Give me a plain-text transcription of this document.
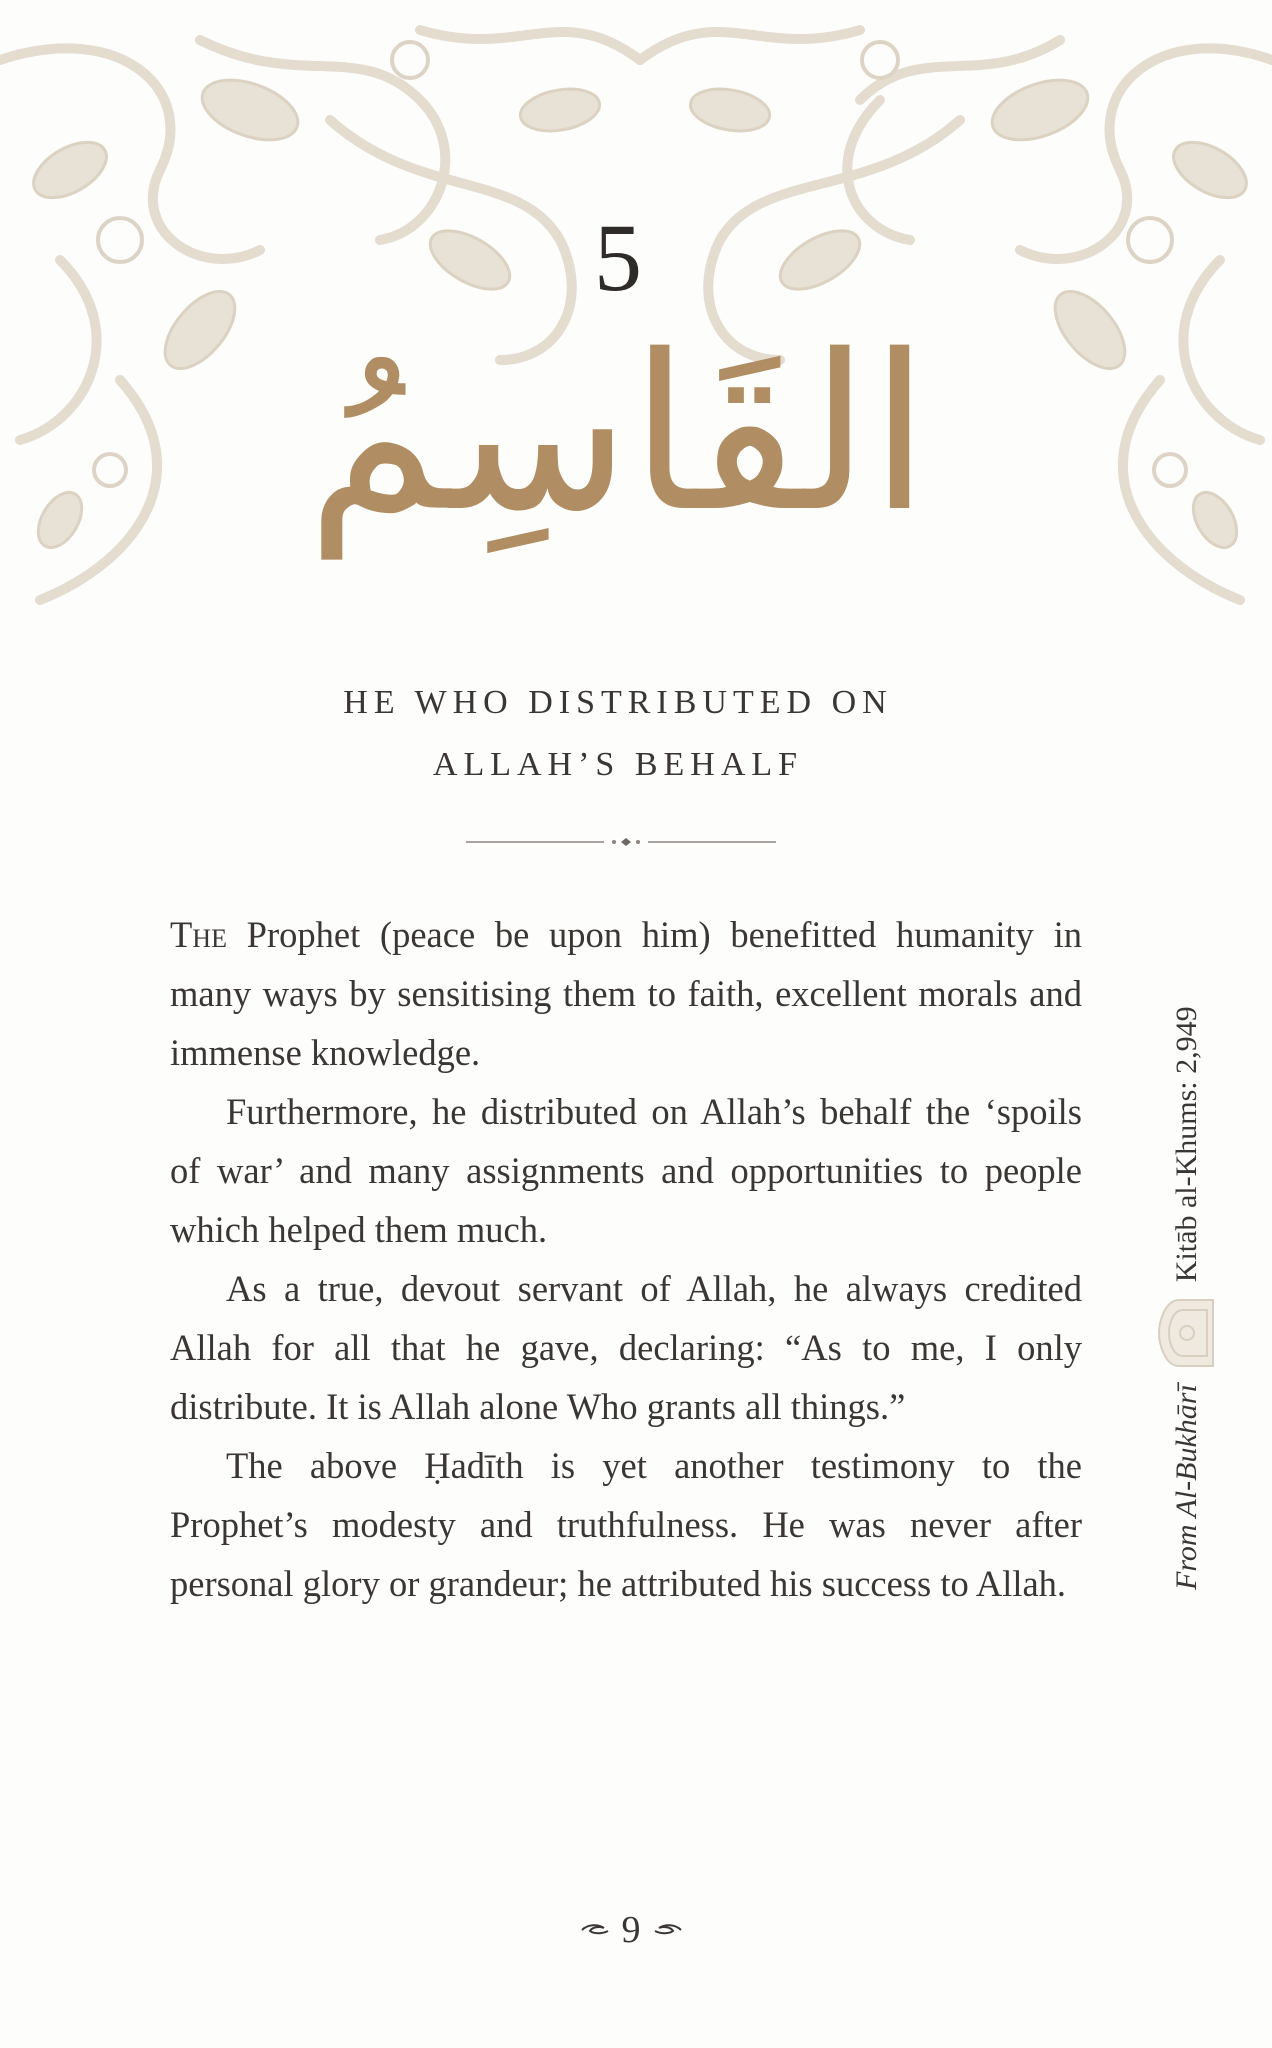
5
القَاسِمُ
HE WHO DISTRIBUTED ON
ALLAH’S BEHALF

The Prophet (peace be upon him) benefitted humanity in many ways by sensitising them to faith, excellent morals and immense knowledge.

Furthermore, he distributed on Allah’s behalf the ‘spoils of war’ and many assignments and opportunities to people which helped them much.

As a true, devout servant of Allah, he always credited Allah for all that he gave, declaring: “As to me, I only distribute. It is Allah alone Who grants all things.”

The above Ḥadīth is yet another testimony to the Prophet’s modesty and truthfulness. He was never after personal glory or grandeur; he attributed his success to Allah.	From Al-Bukhārī
Kitāb al-Khums: 2,949
9
